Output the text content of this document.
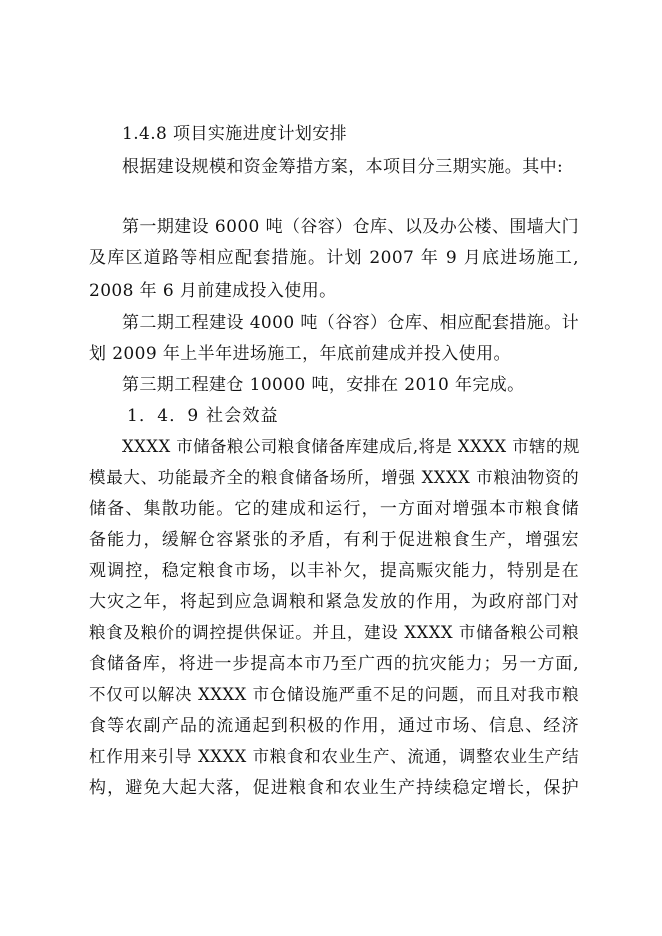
1.4.8 项目实施进度计划安排
根据建设规模和资金筹措方案，本项目分三期实施。其中:
第一期建设 6000 吨（谷容）仓库、以及办公楼、围墙大门
及库区道路等相应配套措施。计划 2007 年 9 月底进场施工,
2008 年 6 月前建成投入使用。
第二期工程建设 4000 吨（谷容）仓库、相应配套措施。计
划 2009 年上半年进场施工，年底前建成并投入使用。
第三期工程建仓 10000 吨，安排在 2010 年完成。
1．4．9 社会效益
XXXX 市储备粮公司粮食储备库建成后,将是 XXXX 市辖的规
模最大、功能最齐全的粮食储备场所，增强 XXXX 市粮油物资的
储备、集散功能。它的建成和运行，一方面对增强本市粮食储
备能力，缓解仓容紧张的矛盾，有利于促进粮食生产，增强宏
观调控，稳定粮食市场，以丰补欠，提高赈灾能力，特别是在
大灾之年，将起到应急调粮和紧急发放的作用，为政府部门对
粮食及粮价的调控提供保证。并且，建设 XXXX 市储备粮公司粮
食储备库，将进一步提高本市乃至广西的抗灾能力；另一方面,
不仅可以解决 XXXX 市仓储设施严重不足的问题，而且对我市粮
食等农副产品的流通起到积极的作用，通过市场、信息、经济
杠作用来引导 XXXX 市粮食和农业生产、流通，调整农业生产结
构，避免大起大落，促进粮食和农业生产持续稳定增长，保护
